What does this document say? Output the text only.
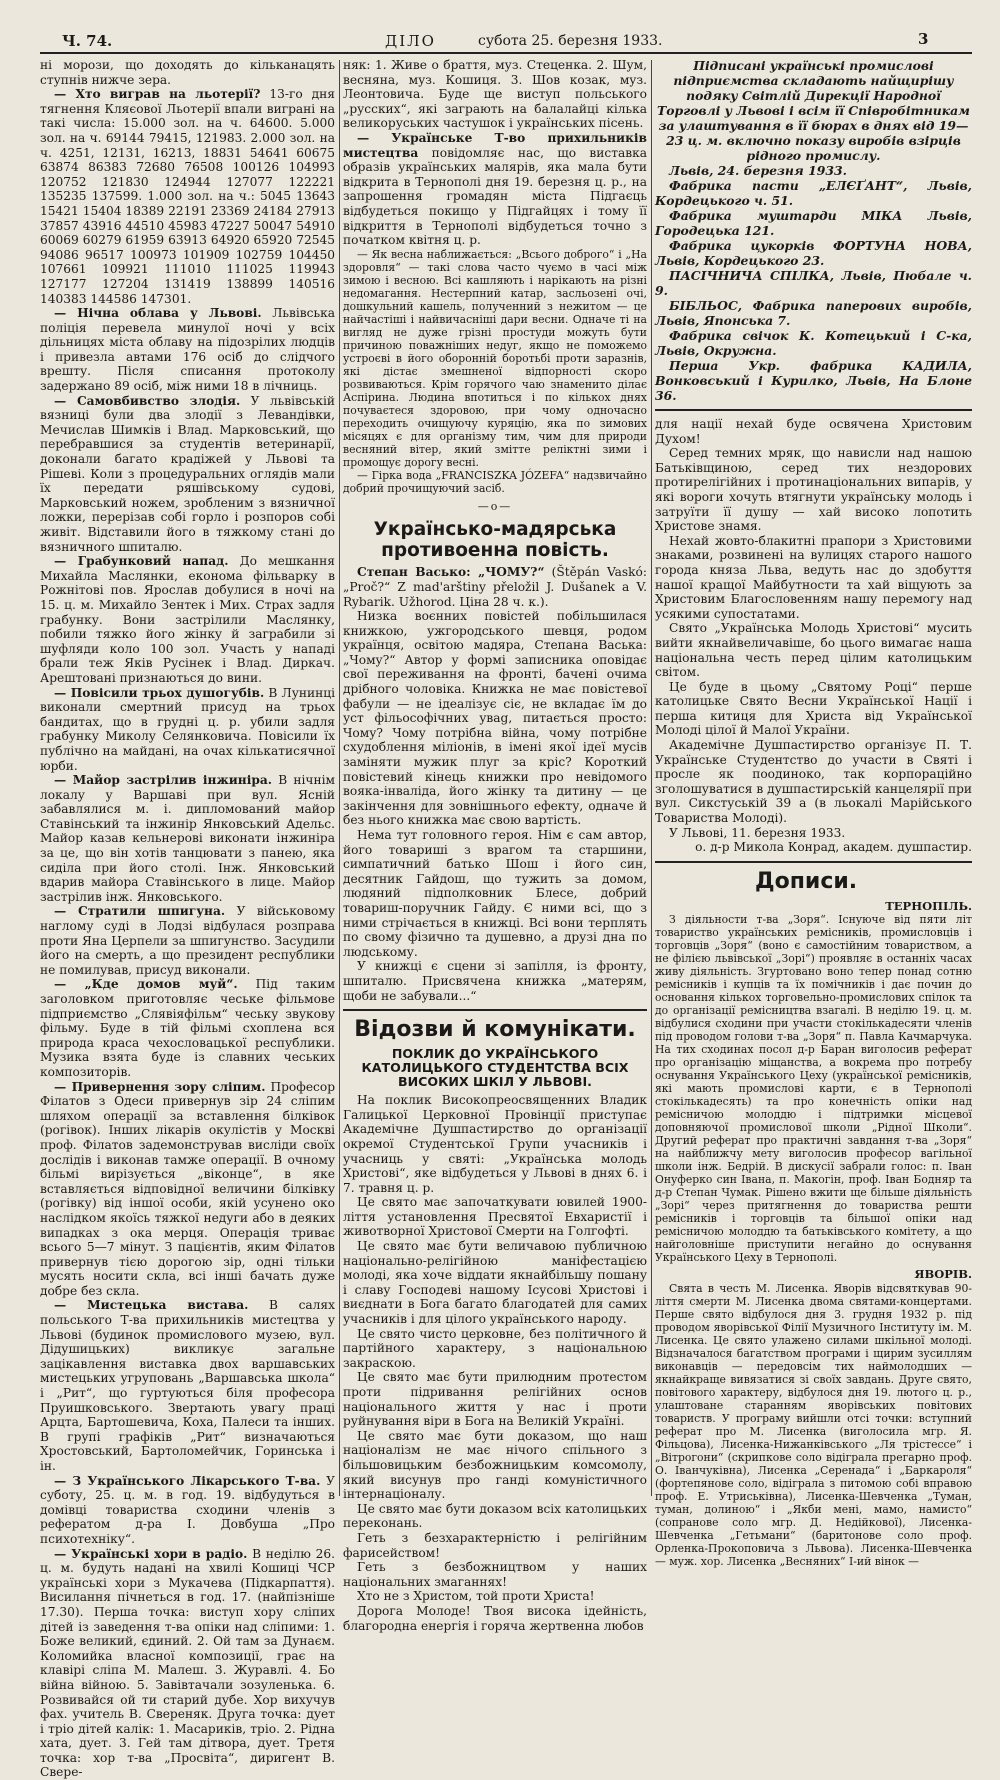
Ч. 74.	ДІЛО	субота 25. березня 1933.	3

ні морози, що доходять до кільканацять ступнів нижче зера.

— Хто виграв на льотерії? 13-го дня тягнення Кляєової Льотерії впали виграні на такі числа: 15.000 зол. на ч. 64600. 5.000 зол. на ч. 69144 79415, 121983. 2.000 зол. на ч. 4251, 12131, 16213, 18831 54641 60675 63874 86383 72680 76508 100126 104993 120752 121830 124944 127077 122221 135235 137599. 1.000 зол. на ч.: 5045 13643 15421 15404 18389 22191 23369 24184 27913 37857 43916 44510 45983 47227 50047 54910 60069 60279 61959 63913 64920 65920 72545 94086 96517 100973 101909 102759 104450 107661 109921 111010 111025 119943 127177 127204 131419 138899 140516 140383 144586 147301.

— Нічна облава у Львові. Львівська поліція перевела минулої ночі у всіх дільницях міста облаву на підозрілих людців і привезла автами 176 осіб до слідчого врешту. Після списання протоколу задержано 89 осіб, між ними 18 в лічниць.

— Самовбивство злодія. У львівській вязниці були два злодії з Левандівки, Мечислав Шимків і Влад. Марковський, що перебравшися за студентів ветеринарії, доконали багато крадіжей у Львові та Рішеві. Коли з процедуральних оглядів мали їх передати ряшівському судові, Марковський ножем, зробленим з вязничної ложки, перерізав собі горло і розпоров собі живіт. Відставили його в тяжкому стані до вязничного шпиталю.

— Грабунковий напад. До мешкання Михайла Маслянки, економа фільварку в Рожнітові пов. Ярослав добулися в ночі на 15. ц. м. Михайло Зентек і Мих. Страх задля грабунку. Вони застрілили Маслянку, побили тяжко його жінку й заграбили зі шуфляди коло 100 зол. Участь у нападі брали теж Яків Русінек і Влад. Диркач. Арештовані признаються до вини.

— Повісили трьох душогубів. В Лунинці виконали смертний присуд на трьох бандитах, що в грудні ц. р. убили задля грабунку Миколу Селянковича. Повісили їх публічно на майдані, на очах кількатисячної юрби.

— Майор застрілив інжиніра. В нічнім локалу у Варшаві при вул. Ясній забавлялися м. і. дипломований майор Ставінський та інжинір Янковський Адельс. Майор казав кельнерові виконати інжиніра за це, що він хотів танцювати з панею, яка сиділа при його столі. Інж. Янковський вдарив майора Ставінського в лице. Майор застрілив інж. Янковського.

— Стратили шпигуна. У військовому наглому суді в Лодзі відбулася розправа проти Яна Церпели за шпигунство. Засудили його на смерть, а що президент республики не помилував, присуд виконали.

— „Кде домов муй“. Під таким заголовком приготовляє чеське фільмове підприємство „Слявіяфільм“ чеську звукову фільму. Буде в тій фільмі схоплена вся природа краса чехословацької республики. Музика взята буде із славних чеських композиторів.

— Привернення зору сліпим. Професор Філатов з Одеси привернув зір 24 сліпим шляхом операції за вставлення білківок (рогівок). Інших лікарів окулістів у Москві проф. Філатов задемонстрував висліди своїх дослідів і виконав тамже операції. В очному більмі вирізується „віконце“, в яке вставляється відповідної величини білківку (рогівку) від іншої особи, якій усунено око наслідком якоїсь тяжкої недуги або в деяких випадках з ока мерця. Операція триває всього 5—7 мінут. З пацієнтів, яким Філатов привернув тією дорогою зір, одні тільки мусять носити скла, всі інші бачать дуже добре без скла.

— Мистецька вистава. В салях польського Т-ва прихильників мистецтва у Львові (будинок промислового музею, вул. Дідушицьких) викликує загальне зацікавлення виставка двох варшавських мистецьких угруповань „Варшавська школа“ і „Рит“, що гуртуються біля професора Пруишковського. Звертають увагу праці Арцта, Бартошевича, Коха, Палеси та інших. В групі графіків „Рит“ визначаються Хростовський, Бартоломейчик, Горинська і ін.

— З Українського Лікарського Т-ва. У суботу, 25. ц. м. в год. 19. відбудуться в домівці товариства сходини членів з рефератом д-ра І. Довбуша „Про психотехніку“.

— Українські хори в радіо. В неділю 26. ц. м. будуть надані на хвилі Кошиці ЧСР українські хори з Мукачева (Підкарпаття). Висилання пічнеться в год. 17. (найпізніше 17.30). Перша точка: виступ хору сліпих дітей із заведення т-ва опіки над сліпими: 1. Боже великий, єдиний. 2. Ой там за Дунаєм. Коломийка власної композиції, грає на клавірі сліпа М. Малеш. 3. Журавлі. 4. Бо війна війною. 5. Завівтачали зозуленька. 6. Розвивайся ой ти старий дубе. Хор вихучув фах. учитель В. Свереняк. Друга точка: дует і тріо дітей калік: 1. Масариків, тріо. 2. Рідна хата, дует. 3. Гей там дітвора, дует. Третя точка: хор т-ва „Просвіта“, диригент В. Свере-

няк: 1. Живе о браття, муз. Стеценка. 2. Шум, весняна, муз. Кошиця. 3. Шов козак, муз. Леонтовича. Буде ще виступ польського „русских“, які заграють на балалайці кілька великоруських частушок і українських пісень.

— Українське Т-во прихильників мистецтва повідомляє нас, що виставка образів українських малярів, яка мала бути відкрита в Тернополі дня 19. березня ц. р., на запрошення громадян міста Підгаєць відбудеться покищо у Підгайцях і тому її відкриття в Тернополі відбудеться точно з початком квітня ц. р.

— Як весна наближається: „Всього доброго“ і „На здоровля“ — такі слова часто чуємо в часі між зимою і весною. Всі кашляють і нарікають на різні недомагання. Нестерпний катар, засльозені очі, дошкульний кашель, полученний з нежитом — це найчастіші і найвичасніші дари весни. Одначе ті на вигляд не дуже грізні простуди можуть бути причиною поважніших недуг, якщо не поможемо устроєві в його оборонній боротьбі проти заразнів, які дістає змешненої відпорності скоро розвиваються. Крім горячого чаю знаменито ділає Аспірина. Людина впотиться і по кількох днях почуваєтеся здоровою, при чому одночасно переходить очищуючу куряцію, яка по зимових місяцях є для організму тим, чим для природи весняний вітер, який змітте реліктні зими і промощує дорогу весні.

— Гірка вода „FRANCISZKA JÓZEFA“ надзвичайно добрий прочищуючий засіб.

—o—
Українсько-мадярська противоенна повість.

Степан Васько: „ЧОМУ?“ (Štěpán Vaskó: „Proč?“ Z mad'arštiny přeložil J. Dušanek a V. Rybarik. Užhorod. Ціна 28 ч. к.).

Низка воєнних повістей побільшилася книжкою, ужгородського шевця, родом українця, освітою мадяра, Степана Васька: „Чому?“ Автор у формі записника оповідає свої переживання на фронті, бачені очима дрібного чоловіка. Книжка не має повістевої фабули — не ідеалізує сіє, не вкладає їм до уст фільософічних увag, питається просто: Чому? Чому потрібна війна, чому потрібне схудоблення міліонів, в імені якої ідеї мусів заміняти мужик плуг за кріс? Короткий повістевий кінець книжки про невідомого вояка-інваліда, його жінку та дитину — це закінчення для зовнішнього ефекту, одначе й без нього книжка має свою вартість.

Нема тут головного героя. Нім є сам автор, його товариші з врагом та старшини, симпатичний батько Шош і його син, десятник Гайдош, що тужить за домом, людяний підполковник Блесе, добрий товариш-поручник Гайду. Є ними всі, що з ними стрічається в книжці. Всі вони терплять по свому фізично та душевно, а друзі дна по людському.

У книжці є сцени зі запілля, із фронту, шпиталю. Присвячена книжка „матерям, щоби не забували...“

Відозви й комунікати.
ПОКЛИК ДО УКРАЇНСЬКОГО КАТОЛИЦЬКОГО СТУДЕНТСТВА ВСІХ ВИСОКИХ ШКІЛ У ЛЬВОВІ.

На поклик Високопреосвященних Владик Галицької Церковної Провінції приступає Академічне Душпастирство до організації окремої Студентської Групи учасників і учасниць у святі: „Українська молодь Христові“, яке відбудеться у Львові в днях 6. і 7. травня ц. р.

Це свято має започаткувати ювилей 1900-ліття установлення Пресвятої Евхаристії і животворної Христової Смерти на Голгофті.

Це свято має бути величавою публичною національно-релігійною маніфестацією молоді, яка хоче віддати якнайбільшу пошану і славу Господеві нашому Ісусові Христові і виєднати в Бога багато благодатей для самих учасників і для цілого українського народу.

Це свято чисто церковне, без політичного й партійного характеру, з національною закраскою.

Це свято має бути прилюдним протестом проти підривання релігійних основ національного життя у нас і проти руйнування віри в Бога на Великій Україні.

Це свято має бути доказом, що наш націоналізм не має нічого спільного з більшовицьким безбожницьким комсомолу, який висунув про ганді комуністичного інтернаціоналу.

Це свято має бути доказом всіх католицьких переконань.

Геть з безхарактерністю і релігійним фарисейством!

Геть з безбожництвом у наших національних змаганнях!

Хто не з Христом, той проти Христа!

Дорога Молоде! Твоя висока ідейність, благородна енергія і горяча жертвенна любов

Підписані українські промислові підприємства складають найщирішу подяку Світлій Дирекції Народної Торговлі у Львові і всім її Співробітникам за улаштування в її бюрах в днях від 19—23 ц. м. включно показу виробів взірців рідного промислу.

Львів, 24. березня 1933.

Фабрика пасти „ЕЛЄҐАНТ“, Львів, Кордецького ч. 51.

Фабрика муштарди МІКА Львів, Городецька 121.

Фабрика цукорків ФОРТУНА НОВА, Львів, Кордецького 23.

ПАСІЧНИЧА СПІЛКА, Львів, Пюбале ч. 9.

БІБЛЬОС, Фабрика паперових виробів, Львів, Японська 7.

Фабрика свічок К. Котецький і С-ка, Львів, Окружна.

Перша Укр. фабрика КАДИЛА, Вонковський і Курилко, Львів, На Блоне 36.

для нації нехай буде освячена Христовим Духом!

Серед темних мряк, що нависли над нашою Батьківщиною, серед тих нездорових протирелігійних і протинаціональних випарів, у які вороги хочуть втягнути українську молодь і затруїти її душу — хай високо лопотить Христове знамя.

Нехай жовто-блакитні прапори з Христовими знаками, розвинені на вулицях старого нашого города княза Льва, ведуть нас до здобуття нашої кращої Майбутности та хай віщують за Христовим Благословенням нашу перемогу над усякими супостатами.

Свято „Українська Молодь Христові“ мусить вийти якнайвеличавіше, бо цього вимагає наша національна честь перед цілим католицьким світом.

Це буде в цьому „Святому Році“ перше католицьке Свято Весни Української Нації і перша китиця для Христа від Української Молоді цілої й Малої України.

Академічне Душпастирство організує П. Т. Українське Студентство до участи в Святі і просле як поодиноко, так корпораційно зголошуватися в душпастирській канцелярії при вул. Сикстуській 39 а (в льокалі Марійського Товариства Молоді).

У Львові, 11. березня 1933.

о. д-р Микола Конрад, академ. душпастир.

Дописи.
ТЕРНОПІЛЬ.

З діяльности т-ва „Зоря“. Існуюче від пяти літ товариство українських ремісників, промисловців і торговців „Зоря“ (воно є самостійним товариством, а не філією львівської „Зорі“) проявляє в останніх часах живу діяльність. Згуртовано воно тепер понад сотню ремісників і купців та їх помічників і дає почин до основання кількох торговельно-промислових спілок та до організації ремісництва взагалі. В неділю 19. ц. м. відбулися сходини при участи стокількадесяти членів під проводом голови т-ва „Зоря“ п. Павла Качмарчука. На тих сходинах посол д-р Баран виголосив реферат про організацію міщанства, а вокрема про потребу оснування Українського Цеху (української ремісників, які мають промислові карти, є в Тернополі стокількадесять) та про конечність опіки над ремісничою молоддю і підтримки місцевої доповняючої промислової школи „Рідної Школи“. Другий реферат про практичні завдання т-ва „Зоря“ на найближчу мету виголосив професор вагільної школи інж. Бедрій. В дискусії забрали голос: п. Іван Онуферко син Івана, п. Макогін, проф. Іван Бодняр та д-р Степан Чумак. Рішено вжити ще більше діяльність „Зорі“ через притягнення до товариства решти ремісників і торговців та більшої опіки над ремісничою молоддю та батьківського комітету, а що найголовніше приступити негайно до оснування Українського Цеху в Тернополі.

ЯВОРІВ.

Свята в честь М. Лисенка. Яворів відсвяткував 90-ліття смерти М. Лисенка двома святами-концертами. Перше свято відбулося дня 3. грудня 1932 р. під проводом яворівської Філії Музичного Інституту ім. М. Лисенка. Це свято улажено силами шкільної молоді. Відзначалося багатством програми і щирим зусиллям виконавців — передовсім тих наймолодших — якнайкраще вивязатися зі своїх завдань. Друге свято, повітового характеру, відбулося дня 19. лютого ц. р., улаштоване старанням яворівських повітових товариств. У програму вийшли отсі точки: вступний реферат про М. Лисенка (виголосила мгр. Я. Фільцова), Лисенка-Нижанківського „Ля трістессе“ і „Вітрогони“ (скрипкове соло відіграла прегарно проф. О. Іванчуківна), Лисенка „Серенада“ і „Баркароля“ (фортепянове соло, відіграла з питомою собі вправою проф. Е. Утриськівна), Лисенка-Шевченка „Туман, туман, долиною“ і „Якби мені, мамо, намисто“ (сопранове соло мгр. Д. Недійкової), Лисенка-Шевченка „Гетьмани“ (баритонове соло проф. Орленка-Прокоповича з Львова). Лисенка-Шевченка — муж. хор. Лисенка „Весняних“ І-ий вінок —
